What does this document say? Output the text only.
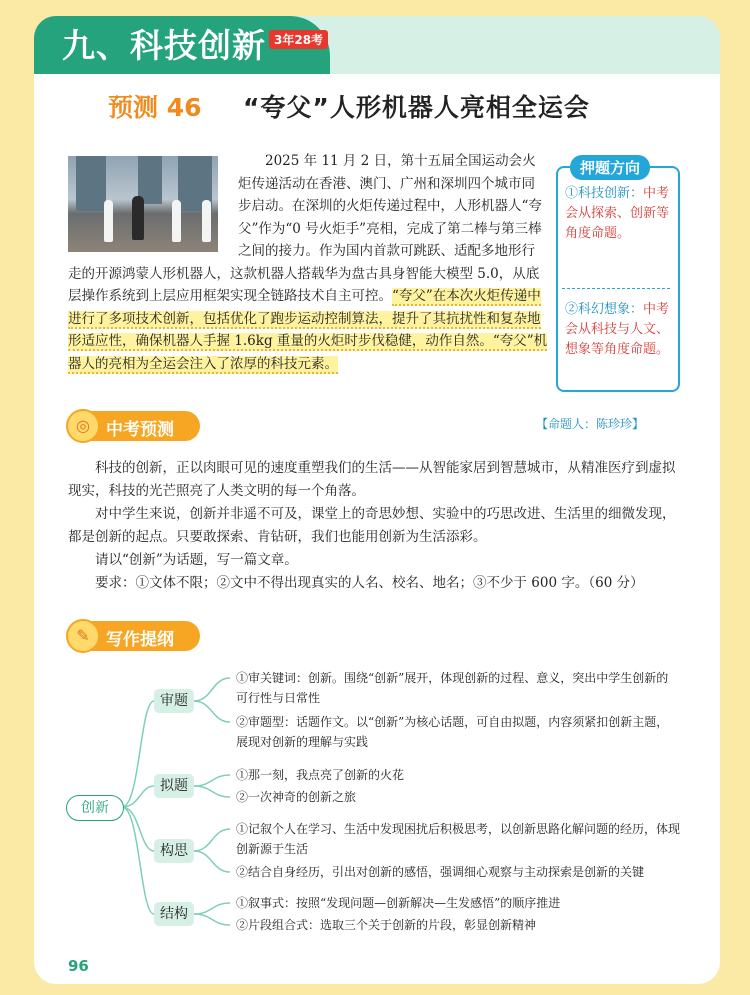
九、科技创新 3年28考
预测 46 “夸父”人形机器人亮相全运会
2025 年 11 月 2 日，第十五届全国运动会火炬传递活动在香港、澳门、广州和深圳四个城市同步启动。在深圳的火炬传递过程中，人形机器人“夸父”作为“0 号火炬手”亮相，完成了第二棒与第三棒之间的接力。作为国内首款可跳跃、适配多地形行走的开源鸿蒙人形机器人，这款机器人搭载华为盘古具身智能大模型 5.0，从底层操作系统到上层应用框架实现全链路技术自主可控。“夸父”在本次火炬传递中进行了多项技术创新，包括优化了跑步运动控制算法，提升了其抗扰性和复杂地形适应性，确保机器人手握 1.6kg 重量的火炬时步伐稳健，动作自然。“夸父”机器人的亮相为全运会注入了浓厚的科技元素。
押题方向
①科技创新：中考会从探索、创新等角度命题。
②科幻想象：中考会从科技与人文、想象等角度命题。
◎ 中考预测	【命题人：陈珍珍】
科技的创新，正以肉眼可见的速度重塑我们的生活——从智能家居到智慧城市，从精准医疗到虚拟现实，科技的光芒照亮了人类文明的每一个角落。
对中学生来说，创新并非遥不可及，课堂上的奇思妙想、实验中的巧思改进、生活里的细微发现，都是创新的起点。只要敢探索、肯钻研，我们也能用创新为生活添彩。
请以“创新”为话题，写一篇文章。
要求：①文体不限；②文中不得出现真实的人名、校名、地名；③不少于 600 字。（60 分）
✎ 写作提纲
创新
审题
拟题
构思
结构
①审关键词：创新。围绕“创新”展开，体现创新的过程、意义，突出中学生创新的可行性与日常性
②审题型：话题作文。以“创新”为核心话题，可自由拟题，内容须紧扣创新主题，展现对创新的理解与实践
①那一刻，我点亮了创新的火花
②一次神奇的创新之旅
①记叙个人在学习、生活中发现困扰后积极思考，以创新思路化解问题的经历，体现创新源于生活
②结合自身经历，引出对创新的感悟，强调细心观察与主动探索是创新的关键
①叙事式：按照“发现问题—创新解决—生发感悟”的顺序推进
②片段组合式：选取三个关于创新的片段，彰显创新精神
96
